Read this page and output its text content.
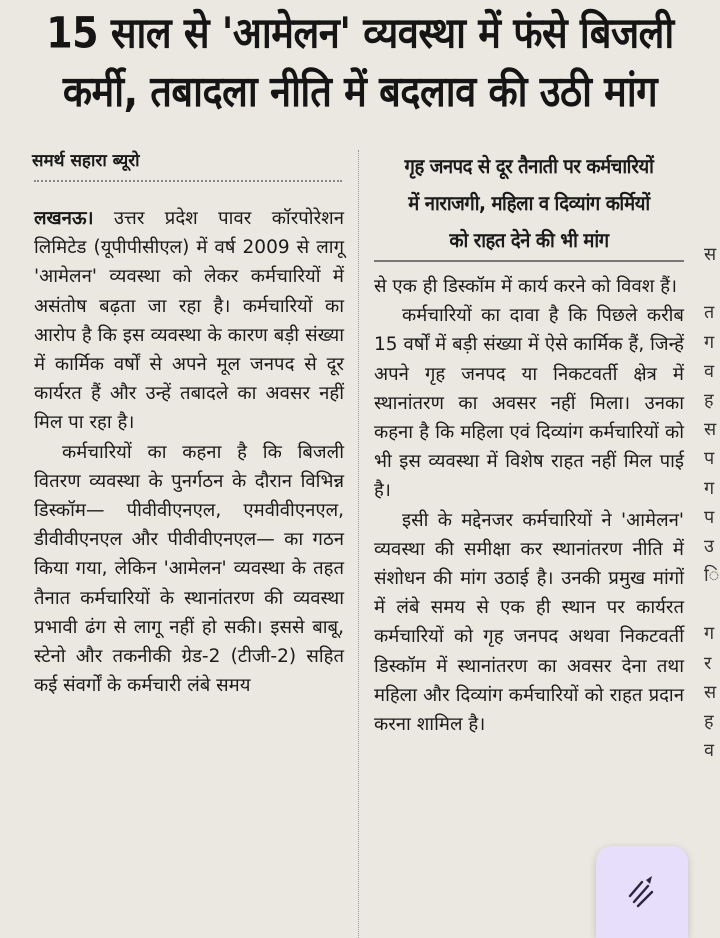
15 साल से 'आमेलन' व्यवस्था में फंसे बिजली
कर्मी, तबादला नीति में बदलाव की उठी मांग
समर्थ सहारा ब्यूरो

लखनऊ। उत्तर प्रदेश पावर कॉरपोरेशन लिमिटेड (यूपीपीसीएल) में वर्ष 2009 से लागू 'आमेलन' व्यवस्था को लेकर कर्मचारियों में असंतोष बढ़ता जा रहा है। कर्मचारियों का आरोप है कि इस व्यवस्था के कारण बड़ी संख्या में कार्मिक वर्षों से अपने मूल जनपद से दूर कार्यरत हैं और उन्हें तबादले का अवसर नहीं मिल पा रहा है।

कर्मचारियों का कहना है कि बिजली वितरण व्यवस्था के पुनर्गठन के दौरान विभिन्न डिस्कॉम— पीवीवीएनएल, एमवीवीएनएल, डीवीवीएनएल और पीवीवीएनएल— का गठन किया गया, लेकिन 'आमेलन' व्यवस्था के तहत तैनात कर्मचारियों के स्थानांतरण की व्यवस्था प्रभावी ढंग से लागू नहीं हो सकी। इससे बाबू, स्टेनो और तकनीकी ग्रेड-2 (टीजी-2) सहित कई संवर्गों के कर्मचारी लंबे समय

गृह जनपद से दूर तैनाती पर कर्मचारियों
में नाराजगी, महिला व दिव्यांग कर्मियों
को राहत देने की भी मांग

से एक ही डिस्कॉम में कार्य करने को विवश हैं।

कर्मचारियों का दावा है कि पिछले करीब 15 वर्षों में बड़ी संख्या में ऐसे कार्मिक हैं, जिन्हें अपने गृह जनपद या निकटवर्ती क्षेत्र में स्थानांतरण का अवसर नहीं मिला। उनका कहना है कि महिला एवं दिव्यांग कर्मचारियों को भी इस व्यवस्था में विशेष राहत नहीं मिल पाई है।

इसी के मद्देनजर कर्मचारियों ने 'आमेलन' व्यवस्था की समीक्षा कर स्थानांतरण नीति में संशोधन की मांग उठाई है। उनकी प्रमुख मांगों में लंबे समय से एक ही स्थान पर कार्यरत कर्मचारियों को गृह जनपद अथवा निकटवर्ती डिस्कॉम में स्थानांतरण का अवसर देना तथा महिला और दिव्यांग कर्मचारियों को राहत प्रदान करना शामिल है।

स
त
ग
व
ह
स
प
ग
प
उ
ि
ग
र
स
ह
व
